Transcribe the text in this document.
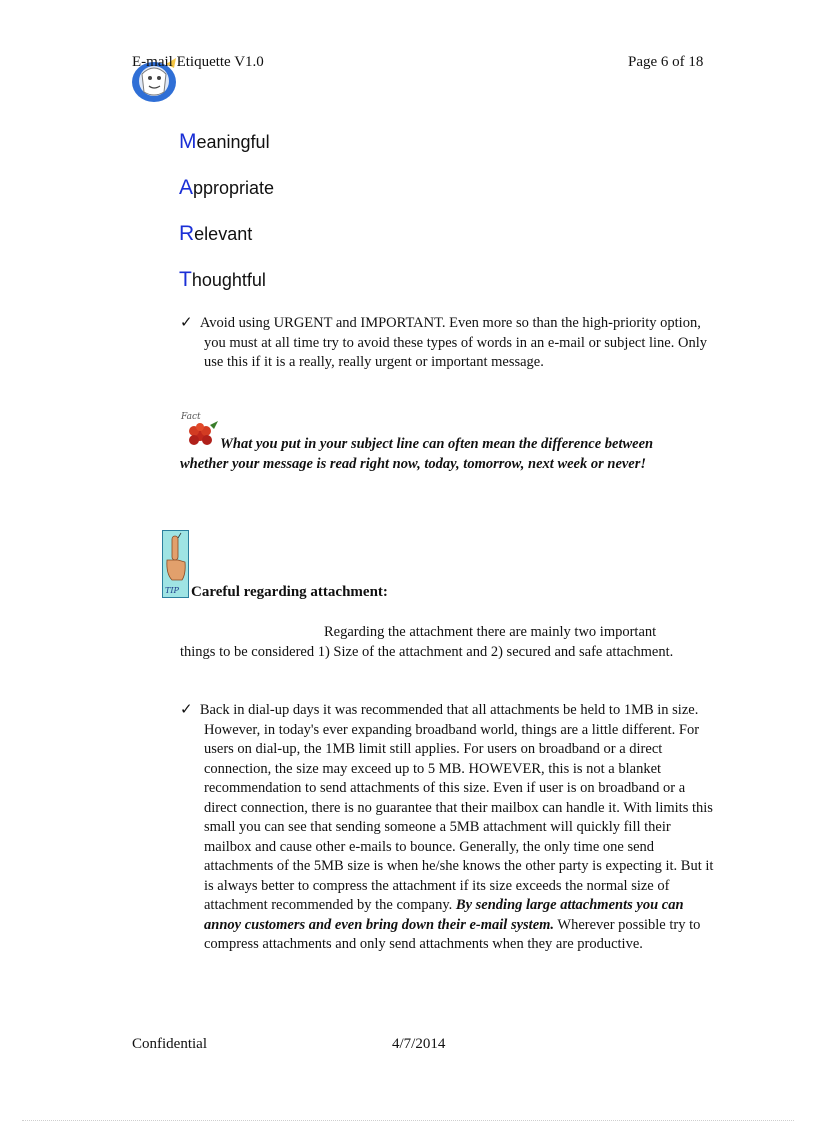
E-mail Etiquette V1.0	Page 6 of 18
Meaningful
Appropriate
Relevant
Thoughtful
✓ Avoid using URGENT and IMPORTANT. Even more so than the high-priority option, you must at all time try to avoid these types of words in an e-mail or subject line. Only use this if it is a really, really urgent or important message.
Fact
What you put in your subject line can often mean the difference between whether your message is read right now, today, tomorrow, next week or never!
TIP Careful regarding attachment:
Regarding the attachment there are mainly two important things to be considered 1) Size of the attachment and 2) secured and safe attachment.
✓ Back in dial-up days it was recommended that all attachments be held to 1MB in size. However, in today's ever expanding broadband world, things are a little different. For users on dial-up, the 1MB limit still applies. For users on broadband or a direct connection, the size may exceed up to 5 MB. HOWEVER, this is not a blanket recommendation to send attachments of this size. Even if user is on broadband or a direct connection, there is no guarantee that their mailbox can handle it. With limits this small you can see that sending someone a 5MB attachment will quickly fill their mailbox and cause other e-mails to bounce. Generally, the only time one send attachments of the 5MB size is when he/she knows the other party is expecting it. But it is always better to compress the attachment if its size exceeds the normal size of attachment recommended by the company. By sending large attachments you can annoy customers and even bring down their e-mail system. Wherever possible try to compress attachments and only send attachments when they are productive.
Confidential	4/7/2014
